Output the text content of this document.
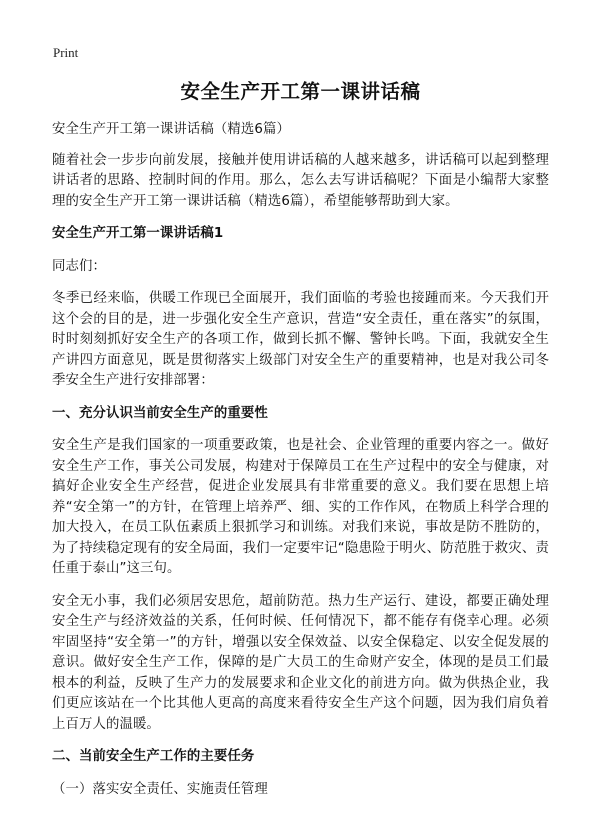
Print
安全生产开工第一课讲话稿

安全生产开工第一课讲话稿（精选6篇）

随着社会一步步向前发展，接触并使用讲话稿的人越来越多，讲话稿可以起到整理讲话者的思路、控制时间的作用。那么，怎么去写讲话稿呢？下面是小编帮大家整理的安全生产开工第一课讲话稿（精选6篇），希望能够帮助到大家。

安全生产开工第一课讲话稿1

同志们：

冬季已经来临，供暖工作现已全面展开，我们面临的考验也接踵而来。今天我们开这个会的目的是，进一步强化安全生产意识，营造“安全责任，重在落实”的氛围，时时刻刻抓好安全生产的各项工作，做到长抓不懈、警钟长鸣。下面，我就安全生产讲四方面意见，既是贯彻落实上级部门对安全生产的重要精神，也是对我公司冬季安全生产进行安排部署：

一、充分认识当前安全生产的重要性

安全生产是我们国家的一项重要政策，也是社会、企业管理的重要内容之一。做好安全生产工作，事关公司发展，构建对于保障员工在生产过程中的安全与健康，对搞好企业安全生产经营，促进企业发展具有非常重要的意义。我们要在思想上培养“安全第一”的方针，在管理上培养严、细、实的工作作风，在物质上科学合理的加大投入，在员工队伍素质上狠抓学习和训练。对我们来说，事故是防不胜防的，为了持续稳定现有的安全局面，我们一定要牢记“隐患险于明火、防范胜于救灾、责任重于泰山”这三句。

安全无小事，我们必须居安思危，超前防范。热力生产运行、建设，都要正确处理安全生产与经济效益的关系，任何时候、任何情况下，都不能存有侥幸心理。必须牢固坚持“安全第一”的方针，增强以安全保效益、以安全保稳定、以安全促发展的意识。做好安全生产工作，保障的是广大员工的生命财产安全，体现的是员工们最根本的利益，反映了生产力的发展要求和企业文化的前进方向。做为供热企业，我们更应该站在一个比其他人更高的高度来看待安全生产这个问题，因为我们肩负着上百万人的温暖。

二、当前安全生产工作的主要任务

（一）落实安全责任、实施责任管理
